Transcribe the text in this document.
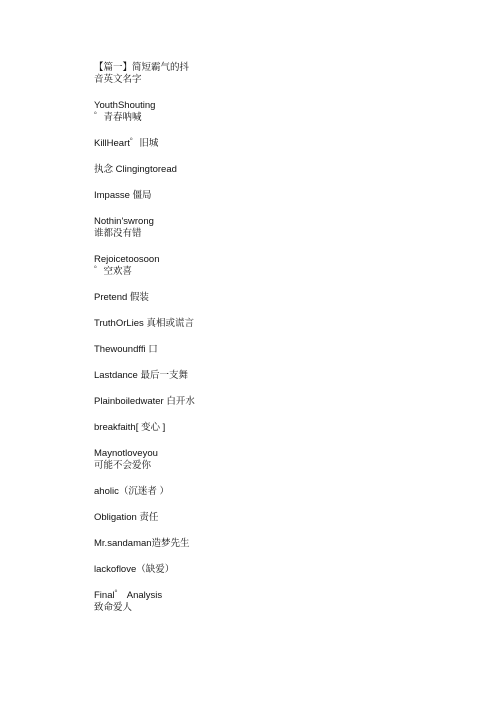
【篇一】简短霸气的抖
音英文名字
YouthShouting
゜青春呐喊
KillHeart゜旧城
执念 Clingingtoread
Impasse 僵局
Nothin'swrong
谁都没有错
Rejoicetoosoon
゜空欢喜
Pretend 假装
TruthOrLies 真相或谎言
Thewoundffi 口
Lastdance 最后一支舞
Plainboiledwater 白开水
breakfaith[ 变心 ]
Maynotloveyou
可能不会爱你
aholic（沉迷者 ）
Obligation 责任
Mr.sandaman造梦先生
lackoflove（缺爱）
Final゜ Analysis
致命爱人
